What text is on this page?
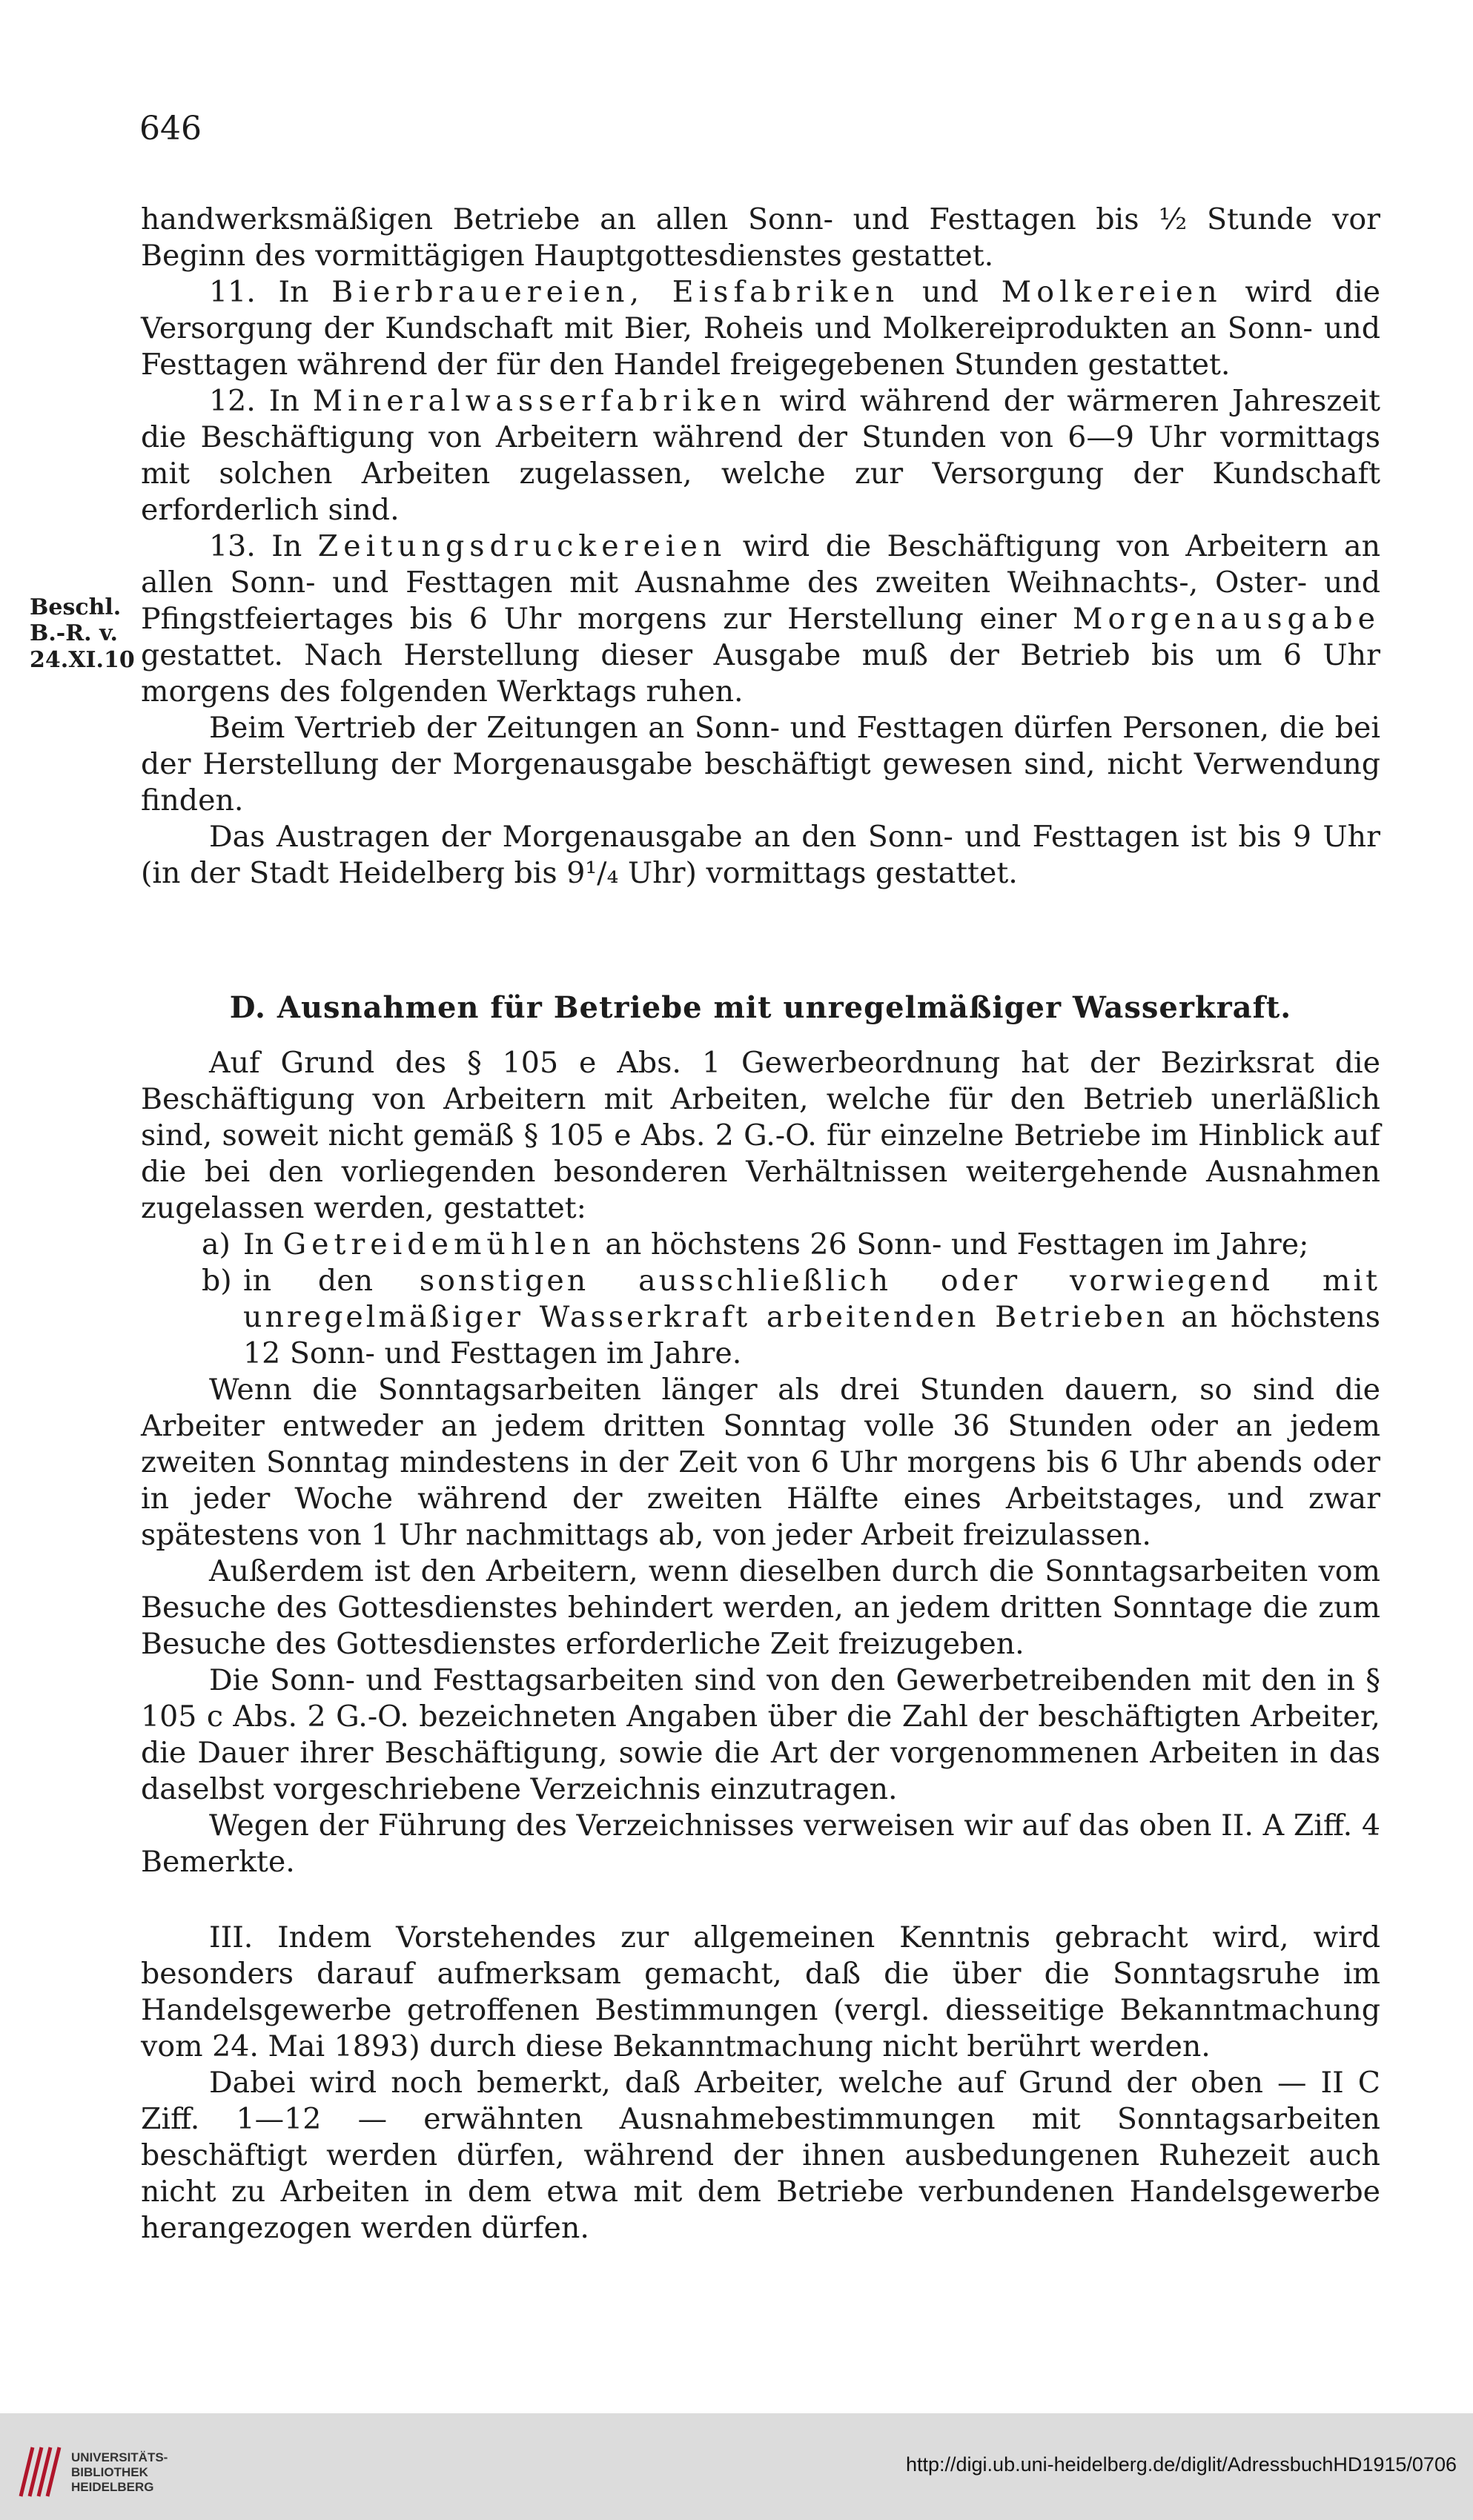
646
Beschl.
B.-R. v.
24.XI.10

handwerksmäßigen Betriebe an allen Sonn- und Festtagen bis ½ Stunde vor Beginn des vormittägigen Hauptgottesdienstes gestattet.

11. In Bierbrauereien, Eisfabriken und Molkereien wird die Versorgung der Kundschaft mit Bier, Roheis und Molkereiprodukten an Sonn- und Festtagen während der für den Handel freigegebenen Stunden gestattet.

12. In Mineralwasserfabriken wird während der wärmeren Jahreszeit die Beschäftigung von Arbeitern während der Stunden von 6—9 Uhr vormittags mit solchen Arbeiten zugelassen, welche zur Versorgung der Kundschaft erforderlich sind.

13. In Zeitungsdruckereien wird die Beschäftigung von Arbeitern an allen Sonn- und Festtagen mit Ausnahme des zweiten Weihnachts-, Oster- und Pfingstfeiertages bis 6 Uhr morgens zur Herstellung einer Morgenausgabe gestattet. Nach Herstellung dieser Ausgabe muß der Betrieb bis um 6 Uhr morgens des folgenden Werktags ruhen.

Beim Vertrieb der Zeitungen an Sonn- und Festtagen dürfen Personen, die bei der Herstellung der Morgenausgabe beschäftigt gewesen sind, nicht Verwendung finden.

Das Austragen der Morgenausgabe an den Sonn- und Festtagen ist bis 9 Uhr (in der Stadt Heidelberg bis 9¹/₄ Uhr) vormittags gestattet.

D. Ausnahmen für Betriebe mit unregelmäßiger Wasserkraft.

Auf Grund des § 105 e Abs. 1 Gewerbeordnung hat der Bezirksrat die Beschäftigung von Arbeitern mit Arbeiten, welche für den Betrieb unerläßlich sind, soweit nicht gemäß § 105 e Abs. 2 G.-O. für einzelne Betriebe im Hinblick auf die bei den vorliegenden besonderen Verhältnissen weitergehende Ausnahmen zugelassen werden, gestattet:

a) In Getreidemühlen an höchstens 26 Sonn- und Festtagen im Jahre;
b) in den sonstigen ausschließlich oder vorwiegend mit unregelmäßiger Wasserkraft arbeitenden Betrieben an höchstens 12 Sonn- und Festtagen im Jahre.

Wenn die Sonntagsarbeiten länger als drei Stunden dauern, so sind die Arbeiter entweder an jedem dritten Sonntag volle 36 Stunden oder an jedem zweiten Sonntag mindestens in der Zeit von 6 Uhr morgens bis 6 Uhr abends oder in jeder Woche während der zweiten Hälfte eines Arbeitstages, und zwar spätestens von 1 Uhr nachmittags ab, von jeder Arbeit freizulassen.

Außerdem ist den Arbeitern, wenn dieselben durch die Sonntagsarbeiten vom Besuche des Gottesdienstes behindert werden, an jedem dritten Sonntage die zum Besuche des Gottesdienstes erforderliche Zeit freizugeben.

Die Sonn- und Festtagsarbeiten sind von den Gewerbetreibenden mit den in § 105 c Abs. 2 G.-O. bezeichneten Angaben über die Zahl der beschäftigten Arbeiter, die Dauer ihrer Beschäftigung, sowie die Art der vorgenommenen Arbeiten in das daselbst vorgeschriebene Verzeichnis einzutragen.

Wegen der Führung des Verzeichnisses verweisen wir auf das oben II. A Ziff. 4 Bemerkte.

III. Indem Vorstehendes zur allgemeinen Kenntnis gebracht wird, wird besonders darauf aufmerksam gemacht, daß die über die Sonntagsruhe im Handelsgewerbe getroffenen Bestimmungen (vergl. diesseitige Bekanntmachung vom 24. Mai 1893) durch diese Bekanntmachung nicht berührt werden.

Dabei wird noch bemerkt, daß Arbeiter, welche auf Grund der oben — II C Ziff. 1—12 — erwähnten Ausnahmebestimmungen mit Sonntagsarbeiten beschäftigt werden dürfen, während der ihnen ausbedungenen Ruhezeit auch nicht zu Arbeiten in dem etwa mit dem Betriebe verbundenen Handelsgewerbe herangezogen werden dürfen.

UNIVERSITÄTS-
BIBLIOTHEK
HEIDELBERG
http://digi.ub.uni-heidelberg.de/diglit/AdressbuchHD1915/0706
